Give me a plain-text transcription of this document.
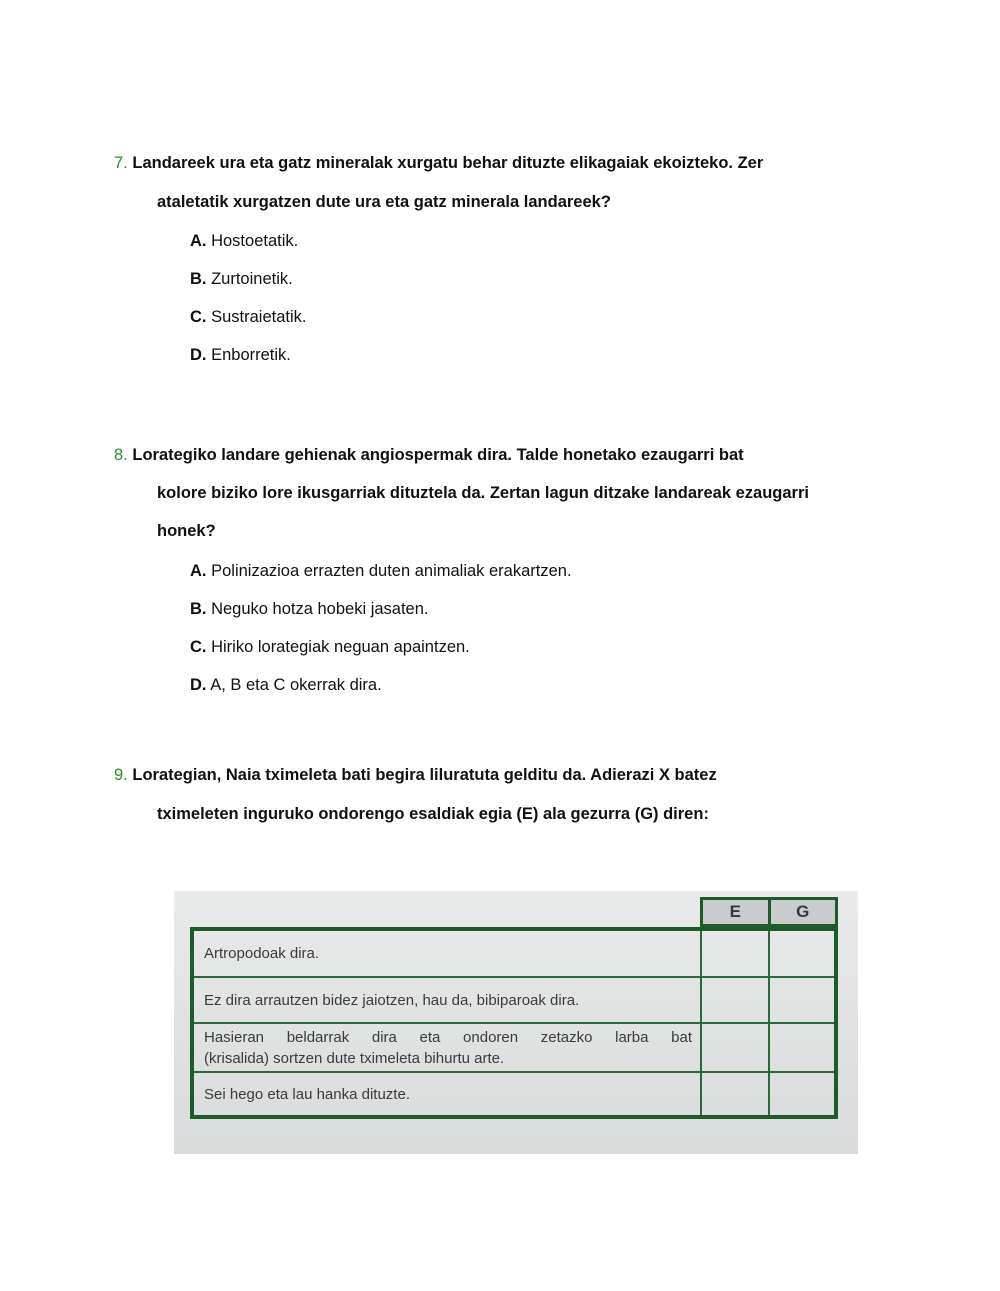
7. Landareek ura eta gatz mineralak xurgatu behar dituzte elikagaiak ekoizteko. Zer
ataletatik xurgatzen dute ura eta gatz minerala landareek?
A. Hostoetatik.
B. Zurtoinetik.
C. Sustraietatik.
D. Enborretik.
8. Lorategiko landare gehienak angiospermak dira. Talde honetako ezaugarri bat
kolore biziko lore ikusgarriak dituztela da. Zertan lagun ditzake landareak ezaugarri
honek?
A. Polinizazioa errazten duten animaliak erakartzen.
B. Neguko hotza hobeki jasaten.
C. Hiriko lorategiak neguan apaintzen.
D. A, B eta C okerrak dira.
9. Lorategian, Naia tximeleta bati begira liluratuta gelditu da. Adierazi X batez
tximeleten inguruko ondorengo esaldiak egia (E) ala gezurra (G) diren:
E	G
Artropodoak dira.
Ez dira arrautzen bidez jaiotzen, hau da, bibiparoak dira.
Hasieran beldarrak dira eta ondoren zetazko larba bat
(krisalida) sortzen dute tximeleta bihurtu arte.
Sei hego eta lau hanka dituzte.
